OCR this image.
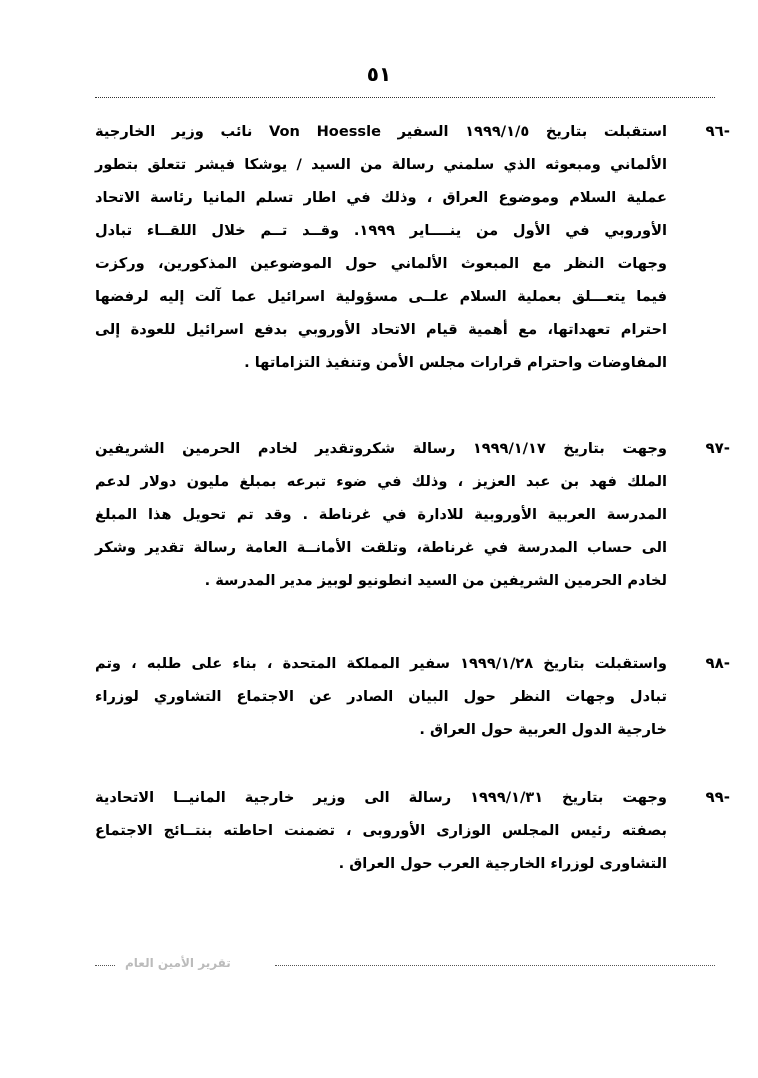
٥١
-٩٦
استقبلت بتاريخ ١٩٩٩/١/٥ السفير Von Hoessle نائب وزير الخارجية
الألماني ومبعوثه الذي سلمني رسالة من السيد / يوشكا فيشر تتعلق بتطور
عملية السلام وموضوع العراق ، وذلك في اطار تسلم المانيا رئاسة الاتحاد
الأوروبي في الأول من ينــــاير ١٩٩٩. وقــد تــم خلال اللقــاء تبادل
وجهات النظر مع المبعوث الألماني حول الموضوعين المذكورين، وركزت
فيما يتعـــلق بعملية السلام علــى مسؤولية اسرائيل عما آلت إليه لرفضها
احترام تعهداتها، مع أهمية قيام الاتحاد الأوروبي بدفع اسرائيل للعودة إلى
المفاوضات واحترام قرارات مجلس الأمن وتنفيذ التزاماتها .
-٩٧
وجهت بتاريخ ١٩٩٩/١/١٧ رسالة شكروتقدير لخادم الحرمين الشريفين
الملك فهد بن عبد العزيز ، وذلك في ضوء تبرعه بمبلغ مليون دولار لدعم
المدرسة العربية الأوروبية للادارة في غرناطة . وقد تم تحويل هذا المبلغ
الى حساب المدرسة في غرناطة، وتلقت الأمانــة العامة رسالة تقدير وشكر
لخادم الحرمين الشريفين من السيد انطونيو لوبيز مدير المدرسة .
-٩٨
واستقبلت بتاريخ ١٩٩٩/١/٢٨ سفير المملكة المتحدة ، بناء على طلبه ، وتم
تبادل وجهات النظر حول البيان الصادر عن الاجتماع التشاوري لوزراء
خارجية الدول العربية حول العراق .
-٩٩
وجهت بتاريخ ١٩٩٩/١/٣١ رسالة الى وزير خارجية المانيــا الاتحادية
بصفته رئيس المجلس الوزارى الأوروبى ، تضمنت احاطته بنتــائج الاجتماع
التشاورى لوزراء الخارجية العرب حول العراق .
تقرير الأمين العام
